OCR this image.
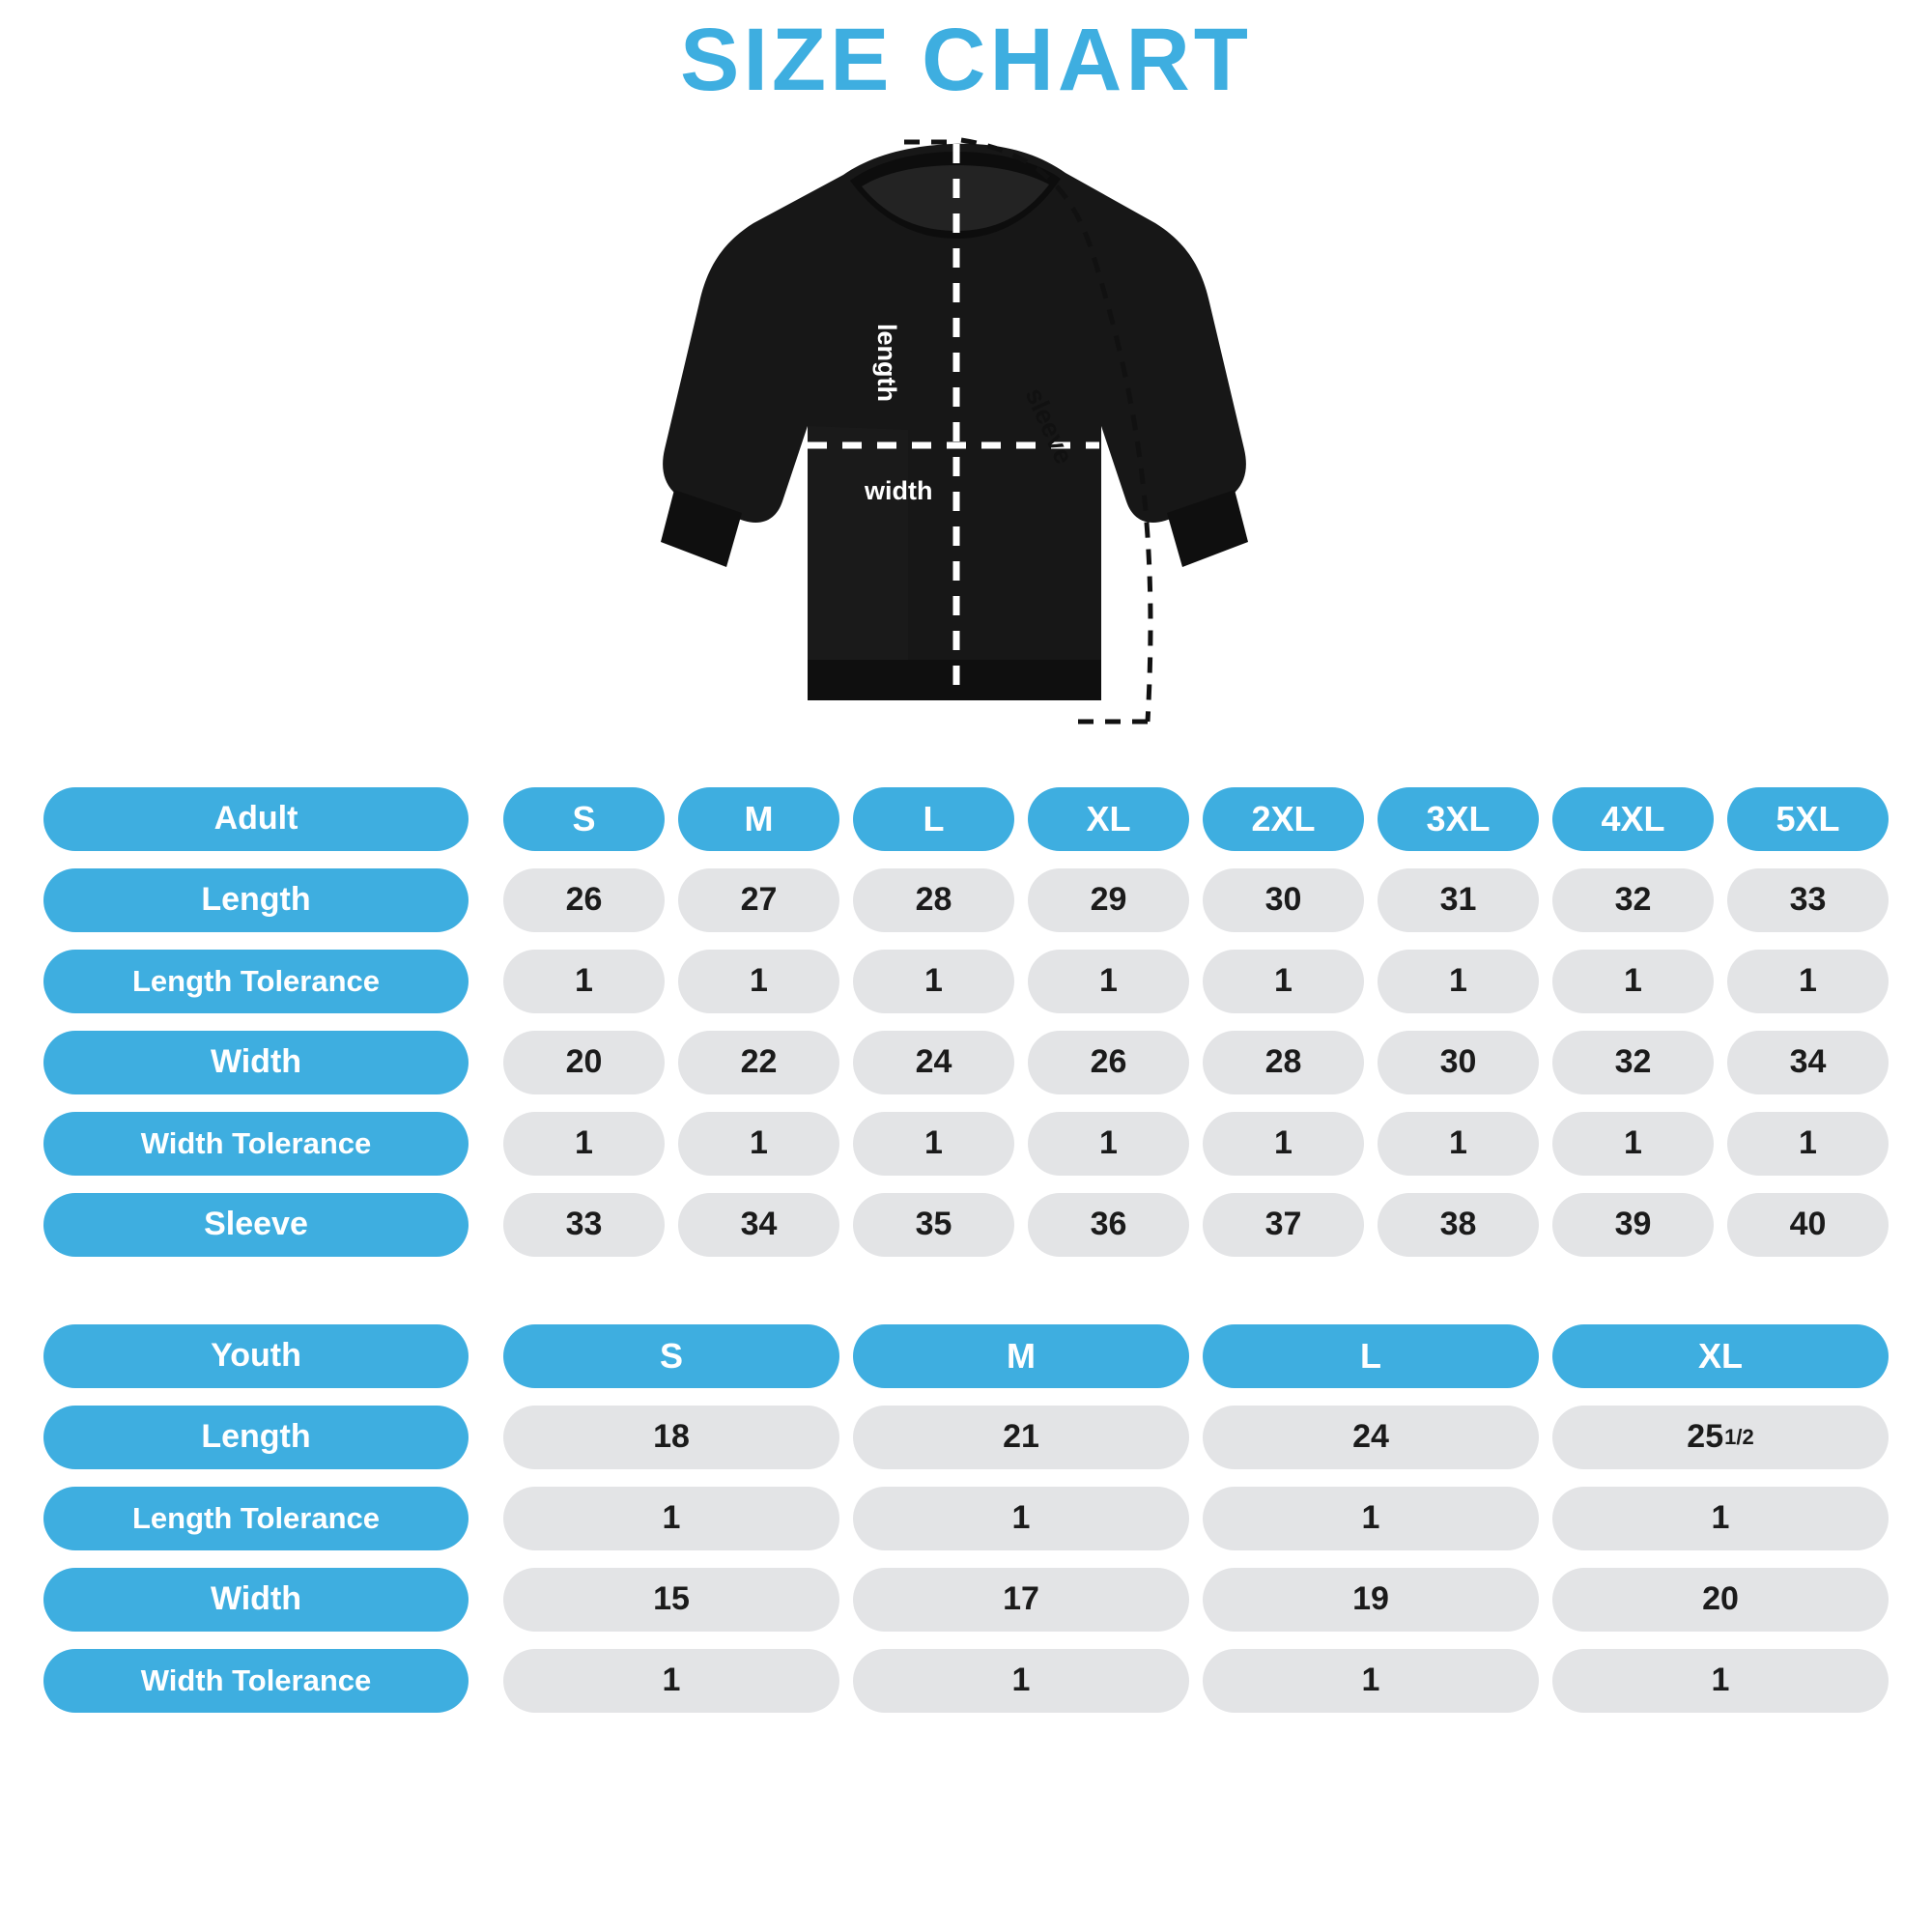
SIZE CHART
width
length
sleeve
Adult	S	M	L	XL	2XL	3XL	4XL	5XL
Length	26	27	28	29	30	31	32	33
Length Tolerance	1	1	1	1	1	1	1	1
Width	20	22	24	26	28	30	32	34
Width Tolerance	1	1	1	1	1	1	1	1
Sleeve	33	34	35	36	37	38	39	40
Youth	S	M	L	XL
Length	18	21	24	25 1/2
Length Tolerance	1	1	1	1
Width	15	17	19	20
Width Tolerance	1	1	1	1
